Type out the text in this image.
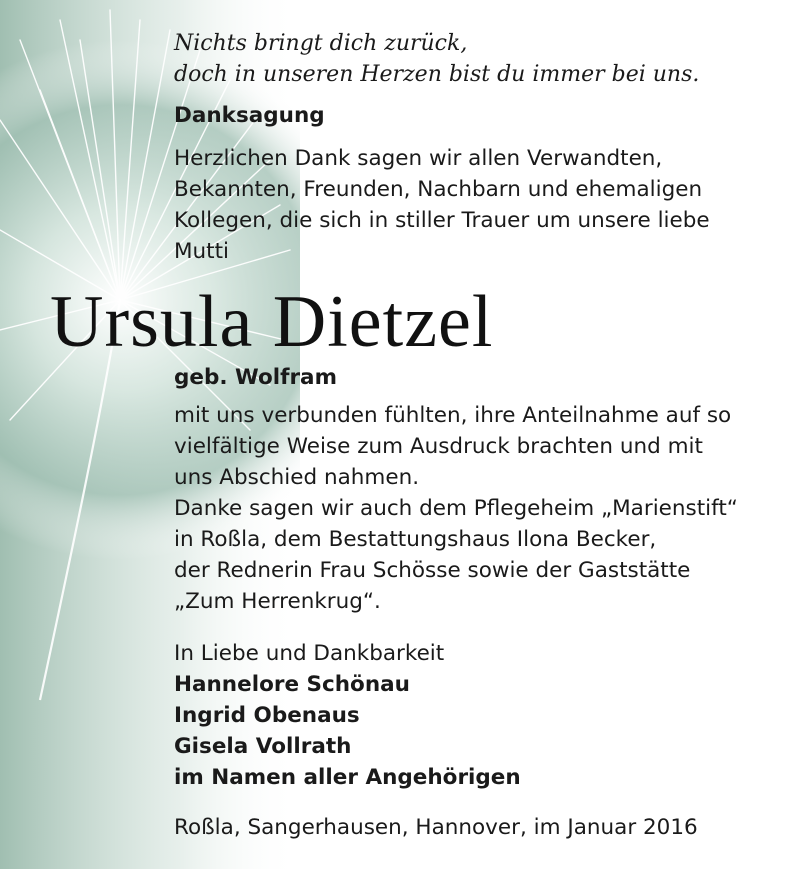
Nichts bringt dich zurück,
doch in unseren Herzen bist du immer bei uns.
Danksagung
Herzlichen Dank sagen wir allen Verwandten,
Bekannten, Freunden, Nachbarn und ehemaligen
Kollegen, die sich in stiller Trauer um unsere liebe
Mutti
Ursula Dietzel
geb. Wolfram
mit uns verbunden fühlten, ihre Anteilnahme auf so
vielfältige Weise zum Ausdruck brachten und mit
uns Abschied nahmen.
Danke sagen wir auch dem Pflegeheim „Marienstift“
in Roßla, dem Bestattungshaus Ilona Becker,
der Rednerin Frau Schösse sowie der Gaststätte
„Zum Herrenkrug“.
In Liebe und Dankbarkeit
Hannelore Schönau
Ingrid Obenaus
Gisela Vollrath
im Namen aller Angehörigen
Roßla, Sangerhausen, Hannover, im Januar 2016
